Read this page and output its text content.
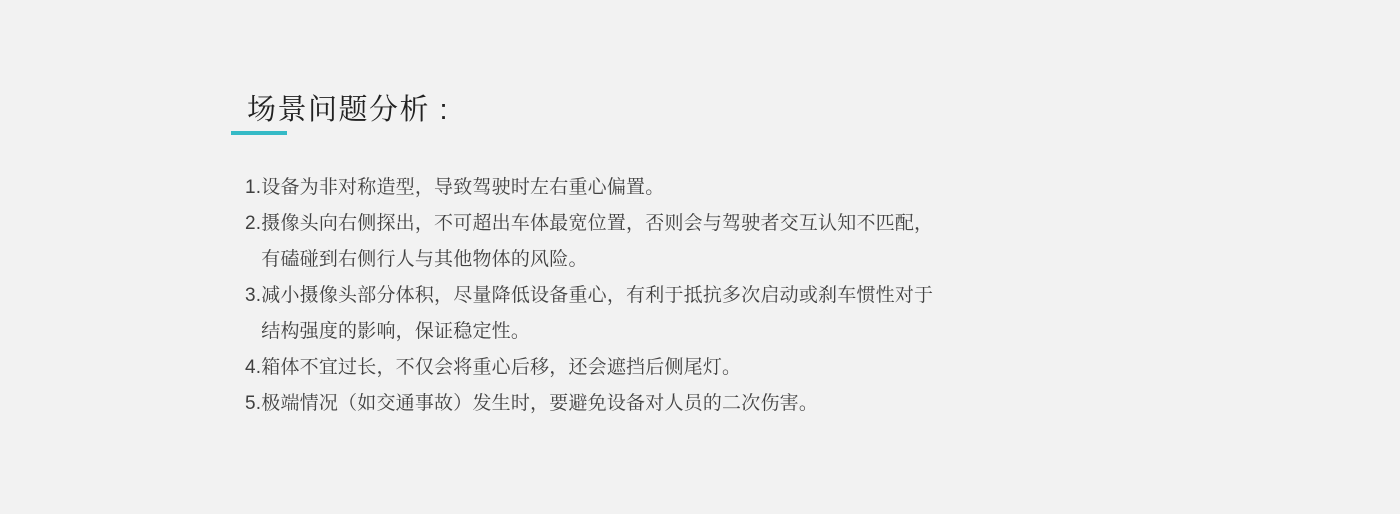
场景问题分析 :
1. 设备为非对称造型，导致驾驶时左右重心偏置。
2. 摄像头向右侧探出，不可超出车体最宽位置，否则会与驾驶者交互认知不匹配，
有磕碰到右侧行人与其他物体的风险。
3. 减小摄像头部分体积，尽量降低设备重心，有利于抵抗多次启动或刹车惯性对于
结构强度的影响，保证稳定性。
4. 箱体不宜过长，不仅会将重心后移，还会遮挡后侧尾灯。
5. 极端情况（如交通事故）发生时，要避免设备对人员的二次伤害。
